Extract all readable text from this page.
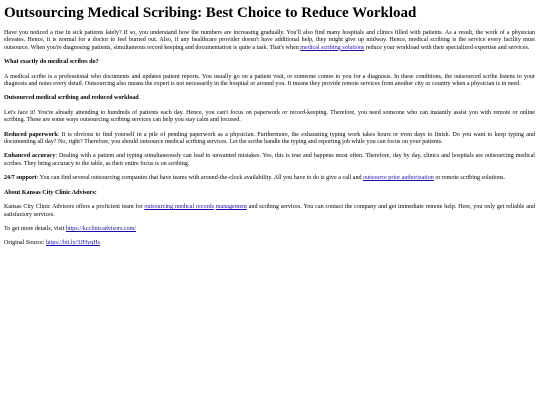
Outsourcing Medical Scribing: Best Choice to Reduce Workload

Have you noticed a rise in sick patients lately? If so, you understand how the numbers are increasing gradually. You'll also find many hospitals and clinics filled with patients. As a result, the work of a physician elevates. Hence, it is normal for a doctor to feel burned out. Also, if any healthcare provider doesn't have additional help, they might give up midway. Hence, medical scribing is the service every facility must outsource. When you're diagnosing patients, simultaneous record keeping and documentation is quite a task. That's when medical scribing solutions reduce your workload with their specialized expertise and services.

What exactly do medical scribes do?

A medical scribe is a professional who documents and updates patient reports. You usually go on a patient visit, or someone comes to you for a diagnosis. In these conditions, the outsourced scribe listens to your diagnosis and notes every detail. Outsourcing also means the expert is not necessarily in the hospital or around you. It means they provide remote services from another city or country when a physician is in need.

Outsourced medical scribing and reduced workload

Let's face it! You're already attending to hundreds of patients each day. Hence, you can't focus on paperwork or record-keeping. Therefore, you need someone who can instantly assist you with remote or online scribing. These are some ways outsourcing scribing services can help you stay calm and focused.

Reduced paperwork: It is obvious to find yourself in a pile of pending paperwork as a physician. Furthermore, the exhausting typing work takes hours or even days to finish. Do you want to keep typing and documenting all day? No, right? Therefore, you should outsource medical scribing services. Let the scribe handle the typing and reporting job while you can focus on your patients.

Enhanced accuracy: Dealing with a patient and typing simultaneously can lead to unwanted mistakes. Yes, this is true and happens most often. Therefore, day by day, clinics and hospitals are outsourcing medical scribes. They bring accuracy to the table, as their entire focus is on scribing.

24/7 support: You can find several outsourcing companies that have teams with around-the-clock availability. All you have to do is give a call and outsource prior authorization or remote scribing solutions.

About Kansas City Clinic Advisors:

Kansas City Clinic Advisors offers a proficient team for outsourcing medical records management and scribing services. You can contact the company and get immediate remote help. Here, you only get reliable and satisfactory services.

To get more details, visit https://kcclinicadvisors.com/

Original Source: https://bit.ly/3JHyqHs
